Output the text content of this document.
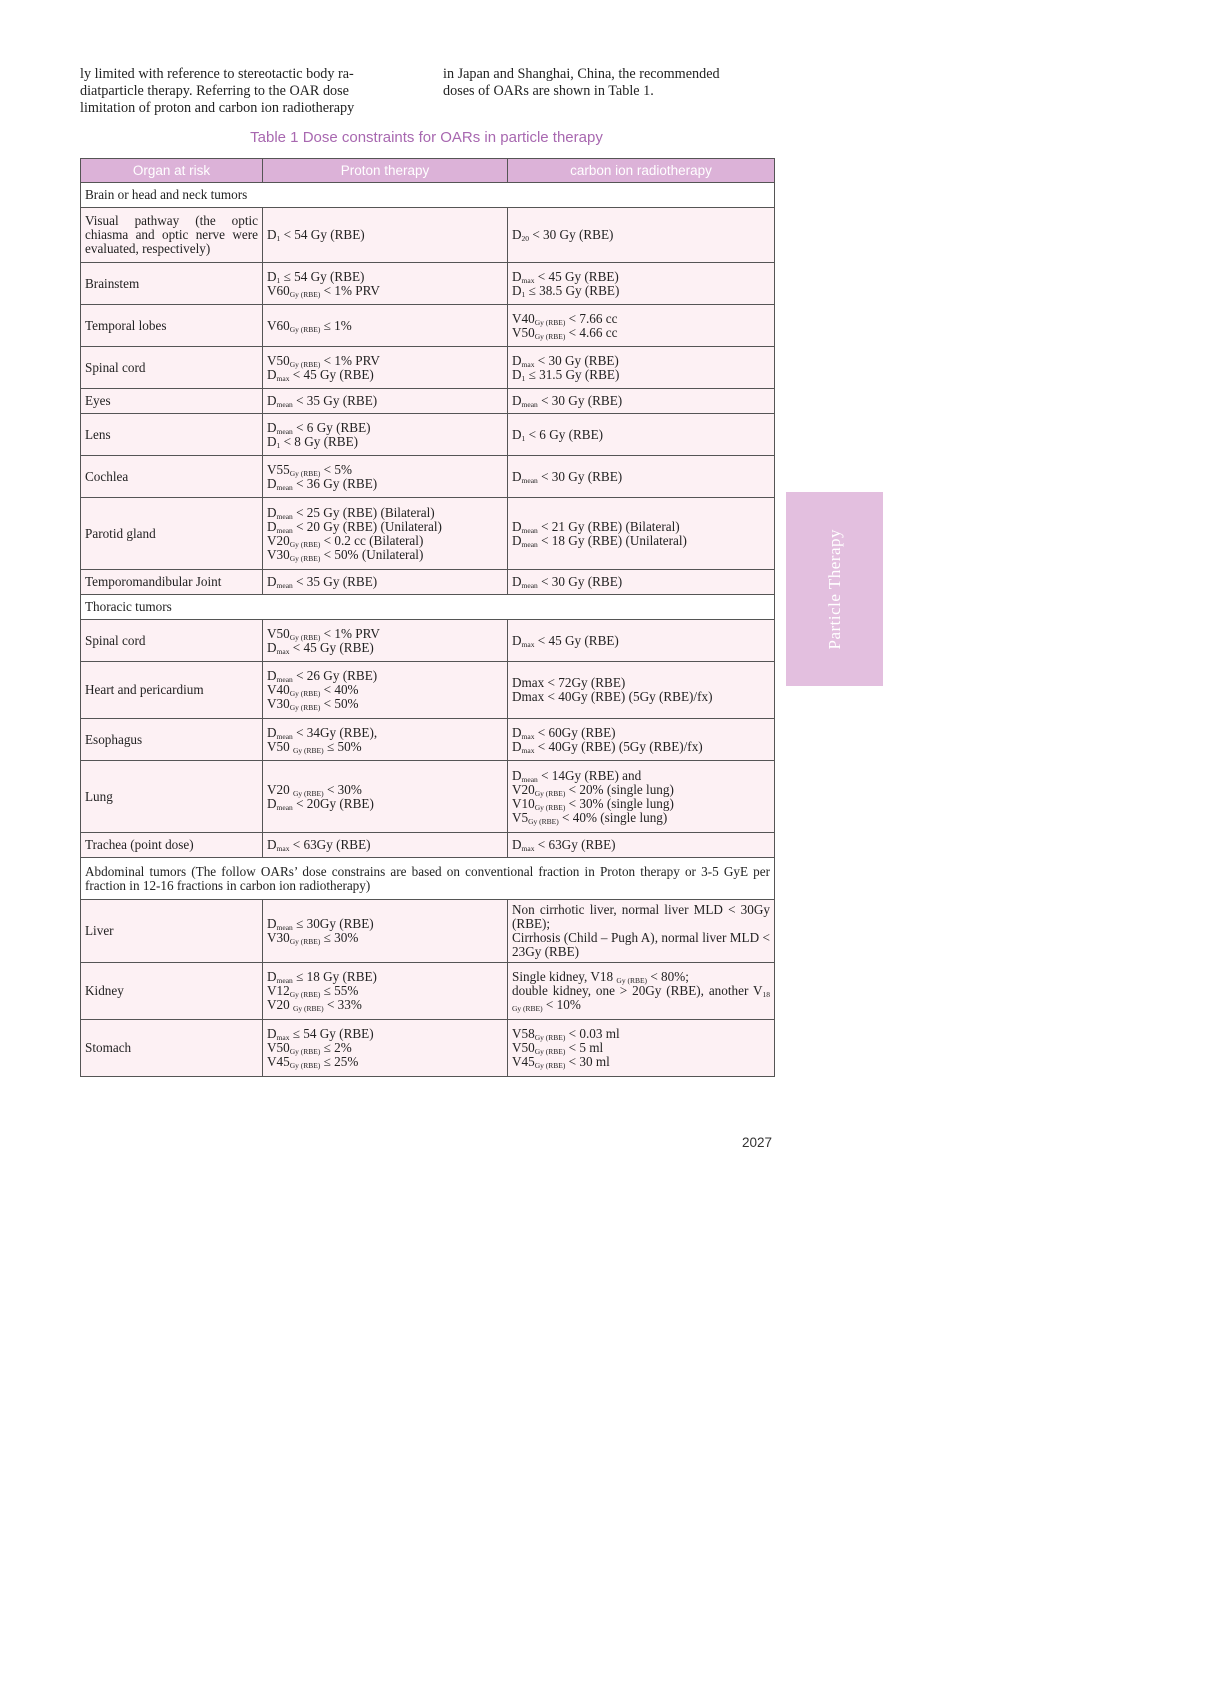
ly limited with reference to stereotactic body ra-
diatparticle therapy. Referring to the OAR dose
limitation of proton and carbon ion radiotherapy
in Japan and Shanghai, China, the recommended
doses of OARs are shown in Table 1.
Table 1 Dose constraints for OARs in particle therapy
Organ at risk	Proton therapy	carbon ion radiotherapy
Brain or head and neck tumors		
Visual pathway (the optic chiasma and optic nerve were evaluated, respectively)	$D_1 < 54$ Gy (RBE)	$D_{20} < 30$ Gy (RBE)

Brainstem	$D_1 \le 54$ Gy (RBE)
$V60_{Gy (RBE)} < 1\%$ PRV	$D_{max} < 45$ Gy (RBE)
$D_1 \le 38.5$ Gy (RBE)

Temporal lobes	$V60_{Gy (RBE)} \le 1\%$	$V40_{Gy (RBE)} < 7.66$ cc
$V50_{Gy (RBE)} < 4.66$ cc

Spinal cord	$V50_{Gy (RBE)} < 1\%$ PRV
$D_{max} < 45$ Gy (RBE)	$D_{max} < 30$ Gy (RBE)
$D_1 \le 31.5$ Gy (RBE)

Eyes	$D_{mean} < 35$ Gy (RBE)	$D_{mean} < 30$ Gy (RBE)

Lens	$D_{mean} < 6$ Gy (RBE)
$D_1 < 8$ Gy (RBE)	$D_1 < 6$ Gy (RBE)

Cochlea	$V55_{Gy (RBE)} < 5\%$
$D_{mean} < 36$ Gy (RBE)	$D_{mean} < 30$ Gy (RBE)

Parotid gland	$D_{mean} < 25$ Gy (RBE) (Bilateral)
$D_{mean} < 20$ Gy (RBE) (Unilateral)
$V20_{Gy (RBE)} < 0.2$ cc (Bilateral)
$V30_{Gy (RBE)} < 50\%$ (Unilateral)	$D_{mean} < 21$ Gy (RBE) (Bilateral)
$D_{mean} < 18$ Gy (RBE) (Unilateral)

Temporomandibular Joint	$D_{mean} < 35$ Gy (RBE)	$D_{mean} < 30$ Gy (RBE)

Thoracic tumors		
Spinal cord	$V50_{Gy (RBE)} < 1\%$ PRV
$D_{max} < 45$ Gy (RBE)	$D_{max} < 45$ Gy (RBE)

Heart and pericardium	$D_{mean} < 26$ Gy (RBE)
$V40_{Gy (RBE)} < 40\%$
$V30_{Gy (RBE)} < 50\%$	Dmax < 72Gy (RBE)
Dmax < 40Gy (RBE) (5Gy (RBE)/fx)

Esophagus	$D_{mean} < 34Gy$ (RBE),
V50 $_{Gy (RBE)}$ ≤ 50%	$D_{max} < 60Gy$ (RBE)
$D_{max} < 40Gy$ (RBE) (5Gy (RBE)/fx)

Lung	V20 $_{Gy (RBE)}$ < 30%
$D_{mean} < 20Gy$ (RBE)	$D_{mean} < 14Gy$ (RBE) and
$V20_{Gy (RBE)} < 20\%$ (single lung)
$V10_{Gy (RBE)} < 30\%$ (single lung)
$V5_{Gy (RBE)} < 40\%$ (single lung)

Trachea (point dose)	$D_{max} < 63Gy$ (RBE)	$D_{max} < 63Gy$ (RBE)

Abdominal tumors (The follow OARs’ dose constrains are based on conventional fraction in Proton therapy or 3-5 GyE per fraction in 12-16 fractions in carbon ion radiotherapy)		
Liver	$D_{mean} \le 30Gy$ (RBE)
$V30_{Gy (RBE)} \le 30\%$	Non cirrhotic liver, normal liver MLD < 30Gy (RBE);
Cirrhosis (Child – Pugh A), normal liver MLD < 23Gy (RBE)

Kidney	$D_{mean} \le 18$ Gy (RBE)
$V12_{Gy (RBE)} \le 55\%$
V20 $_{Gy (RBE)}$ < 33%	Single kidney, V18 $_{Gy (RBE)}$ < 80%;
double kidney, one > 20Gy (RBE), another $V_{18 Gy (RBE)} < 10\%$

Stomach	$D_{max} \le 54$ Gy (RBE)
$V50_{Gy (RBE)} \le 2\%$
$V45_{Gy (RBE)} \le 25\%$	$V58_{Gy (RBE)} < 0.03$ ml
$V50_{Gy (RBE)} < 5$ ml
$V45_{Gy (RBE)} < 30$ ml
Particle Therapy
2027
